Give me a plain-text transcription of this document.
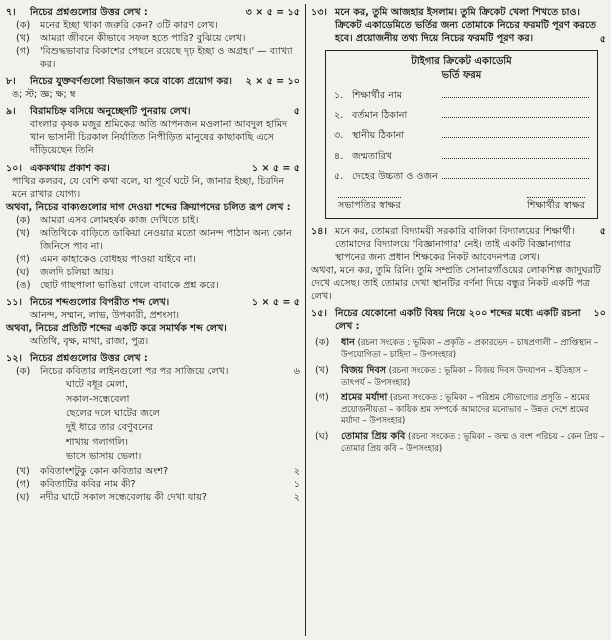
৭।	নিচের প্রশ্নগুলোর উত্তর লেখ :	৩ × ৫ = ১৫
(ক)	মনের ইচ্ছা থাকা জরুরি কেন? ৩টি কারণ লেখ।
(খ)	আমরা জীবনে কীভাবে সফল হতে পারি? বুঝিয়ে লেখ।
(গ)	'বিশুদ্ধভাবার বিকাশের পেছনে রয়েছে দৃঢ় ইচ্ছা ও অগ্রহ।' — ব্যাখ্যা কর।
৮।	নিচের যুক্তবর্ণগুলো বিভাজন করে বাক্যে প্রয়োগ কর।	২ × ৫ = ১০
ঙ; স্ট; জ্ঞ; ক্ষ; ম্ব
৯।	বিরামচিহ্ন বসিয়ে অনুচ্ছেদটি পুনরায় লেখ।	৫
বাংলার কৃষক মজুর শ্রমিকের অতি আপনজন মওলানা আবদুল হামিদ খান ভাসানী চিরকাল নির্যাতিত নিপীড়িত মানুষের কাছাকাছি এসে দাঁড়িয়েছেন তিনি
১০। এককথায় প্রকাশ কর।	১ × ৫ = ৫
পাখির কলরব, যে বেশি কথা বলে, যা পূর্বে ঘটে নি, জানার ইচ্ছা, চিরদিন মনে রাখার যোগ্য।
অথবা, নিচের বাক্যগুলোর দাগ দেওয়া শব্দের ক্রিয়াপদের চলিত রূপ লেখ :
(ক)	আমরা এসব লোমহর্ষক কাজ দেখিতে চাই।
(খ)	অতিথিকে বাড়িতে ডাকিয়া নেওয়ার মতো আনন্দ পাঠান অন্য কোন জিনিসে পাব না।
(গ)	এমন কাহাকেও বোধহয় পাওয়া যাইবে না।
(ঘ)	জলদি চলিয়া আয়।
(ঙ) ছোট গাছপালা ভাঙিয়া গেলে বাবাকে প্রশ্ন করে।
১১। নিচের শব্দগুলোর বিপরীত শব্দ লেখ।	১ × ৫ = ৫
আনন্দ, সম্মান, লাভ, উপকারী, প্রশংসা।
অথবা, নিচের প্রতিটি শব্দের একটি করে সমার্থক শব্দ লেখ।
অতিথি, বৃক্ষ, মাথা, রাজা, পুত্র।
১২। নিচের প্রশ্নগুলোর উত্তর লেখ :
(ক)	নিচের কবিতার লাইনগুলো পর পর সাজিয়ে লেখ।	৬
ঘাটে বধূর মেলা,
সকাল-সন্ধেবেলা
ছেলের দলে ঘাটের জলে
দুই ধারে তার বেণুবনের
শাখায় গলাগলি।
ভাসে ভাসায় ভেলা।
(খ)	কবিতাংশটুকু কোন কবিতার অংশ?	২
(গ)	কবিতাটির কবির নাম কী?	১
(ঘ)	নদীর ঘাটে সকাল সন্ধেবেলায় কী দেখা যায়?	২
১৩। মনে কর, তুমি আজহার ইসলাম। তুমি ক্রিকেট খেলা শিখতে চাও। ক্রিকেট একাডেমিতে ভর্তির জন্য তোমাকে নিচের ফরমটি পূরণ করতে হবে। প্রয়োজনীয় তথ্য দিয়ে নিচের ফরমটি পূরণ কর।	৫
টাইগার ক্রিকেট একাডেমি
ভর্তি ফরম
১. শিক্ষার্থীর নাম
২. বর্তমান ঠিকানা
৩. স্থানীয় ঠিকানা
৪. জন্মতারিখ
৫. দেহের উচ্চতা ও ওজন
সভাপতির স্বাক্ষর	শিক্ষার্থীর স্বাক্ষর
১৪। মনে কর, তোমরা বিদ্যাময়ী সরকারি বালিকা বিদ্যালয়ের শিক্ষার্থী। তোমাদের বিদ্যালয়ে 'বিজ্ঞানাগার' নেই। তাই একটি বিজ্ঞানাগার স্থাপনের জন্য প্রধান শিক্ষকের নিকট আবেদনপত্র লেখ।
৫
অথবা, মনে কর, তুমি রিনি। তুমি সম্প্রতি সোনারগাঁওয়ের লোকশিল্প জাদুঘরটি দেখে এসেছ। তাই তোমার দেখা স্থানটির বর্ণনা দিয়ে বন্ধুর নিকট একটি পত্র লেখ।
১৫। নিচের যেকোনো একটি বিষয় নিয়ে ২০০ শব্দের মধ্যে একটি রচনা লেখ :
১০
(ক)	ধান (রচনা সংকেত : ভূমিকা – প্রকৃতি – প্রকারভেদ – চাষপ্রণালী – প্রাপ্তিস্থান – উপযোগিতা – চাহিদা – উপসংহার)
(খ)	বিজয় দিবস (রচনা সংকেত : ভূমিকা – বিজয় দিবস উদযাপন – ইতিহাস – তাৎপর্য – উপসংহার)
(গ)	শ্রমের মর্যাদা (রচনা সংকেত : ভূমিকা – পরিশ্রম সৌভাগ্যের প্রসূতি – শ্রমের প্রয়োজনীয়তা – কায়িক শ্রম সম্পর্কে আমাদের মনোভাব – উন্নত দেশে শ্রমের মর্যাদা – উপসংহার)
(ঘ)	তোমার প্রিয় কবি (রচনা সংকেত : ভূমিকা – জন্ম ও বংশ পরিচয় – কেন প্রিয় – তোমার প্রিয় কবি – উপসংহার)
